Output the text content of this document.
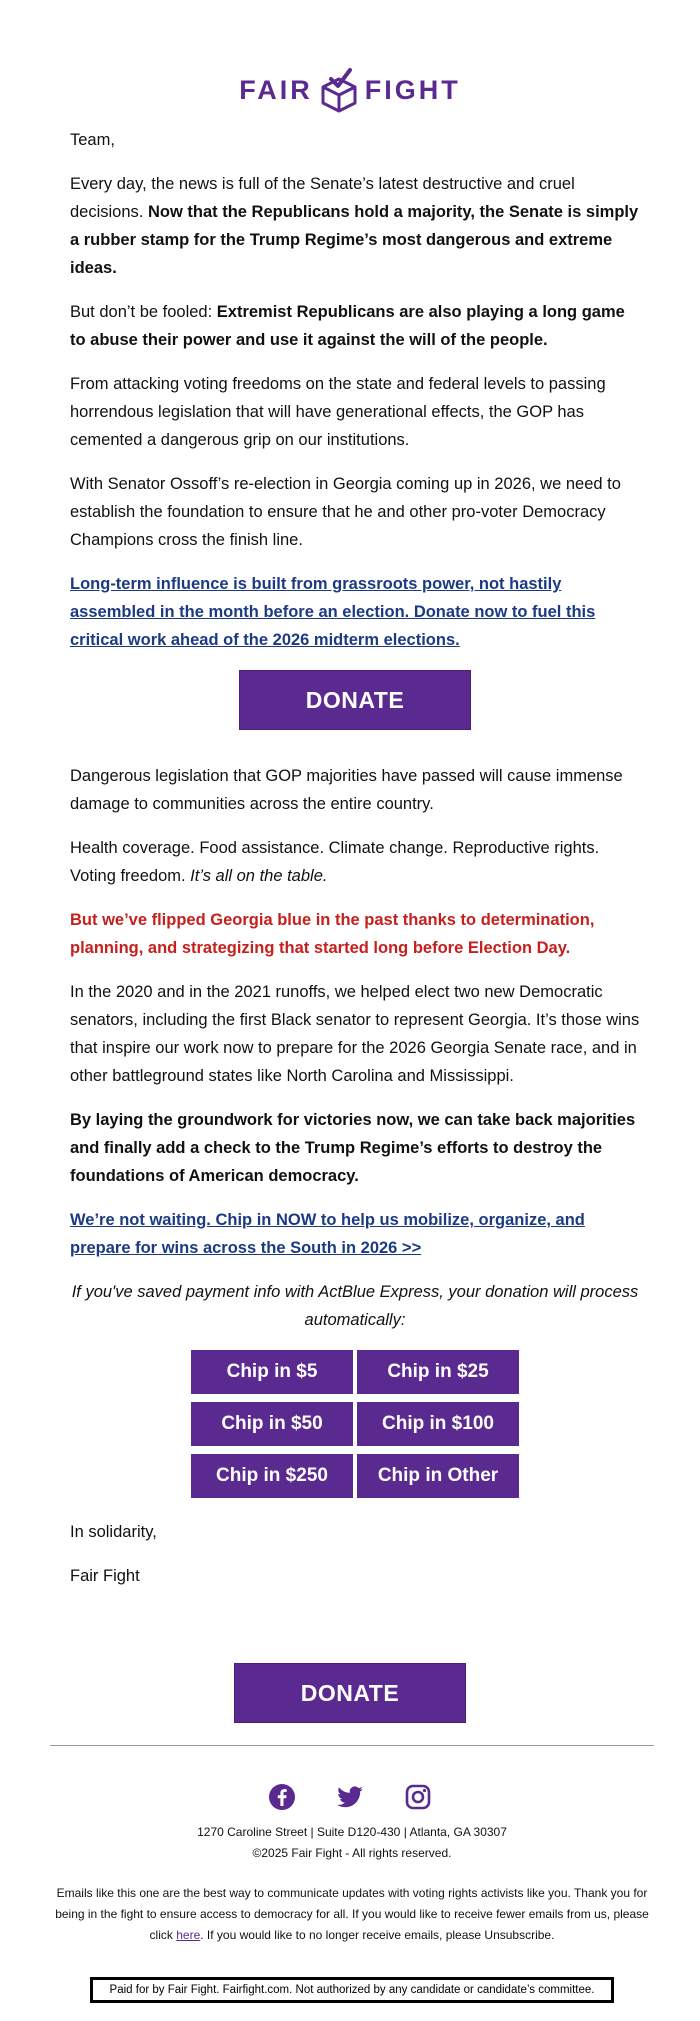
FAIR FIGHT

Team,

Every day, the news is full of the Senate’s latest destructive and cruel decisions. Now that the Republicans hold a majority, the Senate is simply a rubber stamp for the Trump Regime’s most dangerous and extreme ideas.

But don’t be fooled: Extremist Republicans are also playing a long game to abuse their power and use it against the will of the people.

From attacking voting freedoms on the state and federal levels to passing horrendous legislation that will have generational effects, the GOP has cemented a dangerous grip on our institutions.

With Senator Ossoff’s re-election in Georgia coming up in 2026, we need to establish the foundation to ensure that he and other pro-voter Democracy Champions cross the finish line.

Long-term influence is built from grassroots power, not hastily assembled in the month before an election. Donate now to fuel this critical work ahead of the 2026 midterm elections.

DONATE

Dangerous legislation that GOP majorities have passed will cause immense damage to communities across the entire country.

Health coverage. Food assistance. Climate change. Reproductive rights. Voting freedom. It’s all on the table.

But we’ve flipped Georgia blue in the past thanks to determination, planning, and strategizing that started long before Election Day.

In the 2020 and in the 2021 runoffs, we helped elect two new Democratic senators, including the first Black senator to represent Georgia. It’s those wins that inspire our work now to prepare for the 2026 Georgia Senate race, and in other battleground states like North Carolina and Mississippi.

By laying the groundwork for victories now, we can take back majorities and finally add a check to the Trump Regime’s efforts to destroy the foundations of American democracy.

We’re not waiting. Chip in NOW to help us mobilize, organize, and prepare for wins across the South in 2026 >>

If you've saved payment info with ActBlue Express, your donation will process automatically:

Chip in $5	Chip in $25
Chip in $50	Chip in $100
Chip in $250	Chip in Other

In solidarity,

Fair Fight

DONATE
1270 Caroline Street | Suite D120-430 | Atlanta, GA 30307
©2025 Fair Fight - All rights reserved.
Emails like this one are the best way to communicate updates with voting rights activists like you. Thank you for being in the fight to ensure access to democracy for all. If you would like to receive fewer emails from us, please click here. If you would like to no longer receive emails, please Unsubscribe.
Paid for by Fair Fight. Fairfight.com. Not authorized by any candidate or candidate’s committee.
